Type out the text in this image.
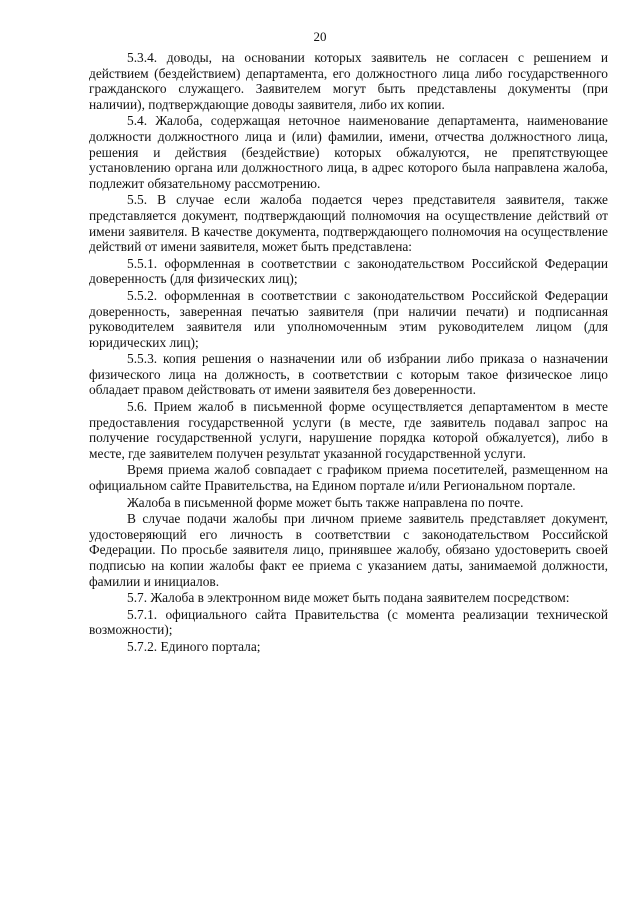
20

5.3.4. доводы, на основании которых заявитель не согласен с решением и действием (бездействием) департамента, его должностного лица либо государственного гражданского служащего. Заявителем могут быть представлены документы (при наличии), подтверждающие доводы заявителя, либо их копии.

5.4. Жалоба, содержащая неточное наименование департамента, наименование должности должностного лица и (или) фамилии, имени, отчества должностного лица, решения и действия (бездействие) которых обжалуются, не препятствующее установлению органа или должностного лица, в адрес которого была направлена жалоба, подлежит обязательному рассмотрению.

5.5. В случае если жалоба подается через представителя заявителя, также представляется документ, подтверждающий полномочия на осуществление действий от имени заявителя. В качестве документа, подтверждающего полномочия на осуществление действий от имени заявителя, может быть представлена:

5.5.1. оформленная в соответствии с законодательством Российской Федерации доверенность (для физических лиц);

5.5.2. оформленная в соответствии с законодательством Российской Федерации доверенность, заверенная печатью заявителя (при наличии печати) и подписанная руководителем заявителя или уполномоченным этим руководителем лицом (для юридических лиц);

5.5.3. копия решения о назначении или об избрании либо приказа о назначении физического лица на должность, в соответствии с которым такое физическое лицо обладает правом действовать от имени заявителя без доверенности.

5.6. Прием жалоб в письменной форме осуществляется департаментом в месте предоставления государственной услуги (в месте, где заявитель подавал запрос на получение государственной услуги, нарушение порядка которой обжалуется), либо в месте, где заявителем получен результат указанной государственной услуги.

Время приема жалоб совпадает с графиком приема посетителей, размещенном на официальном сайте Правительства, на Едином портале и/или Региональном портале.

Жалоба в письменной форме может быть также направлена по почте.

В случае подачи жалобы при личном приеме заявитель представляет документ, удостоверяющий его личность в соответствии с законодательством Российской Федерации. По просьбе заявителя лицо, принявшее жалобу, обязано удостоверить своей подписью на копии жалобы факт ее приема с указанием даты, занимаемой должности, фамилии и инициалов.

5.7. Жалоба в электронном виде может быть подана заявителем посредством:

5.7.1. официального сайта Правительства (с момента реализации технической возможности);

5.7.2. Единого портала;
